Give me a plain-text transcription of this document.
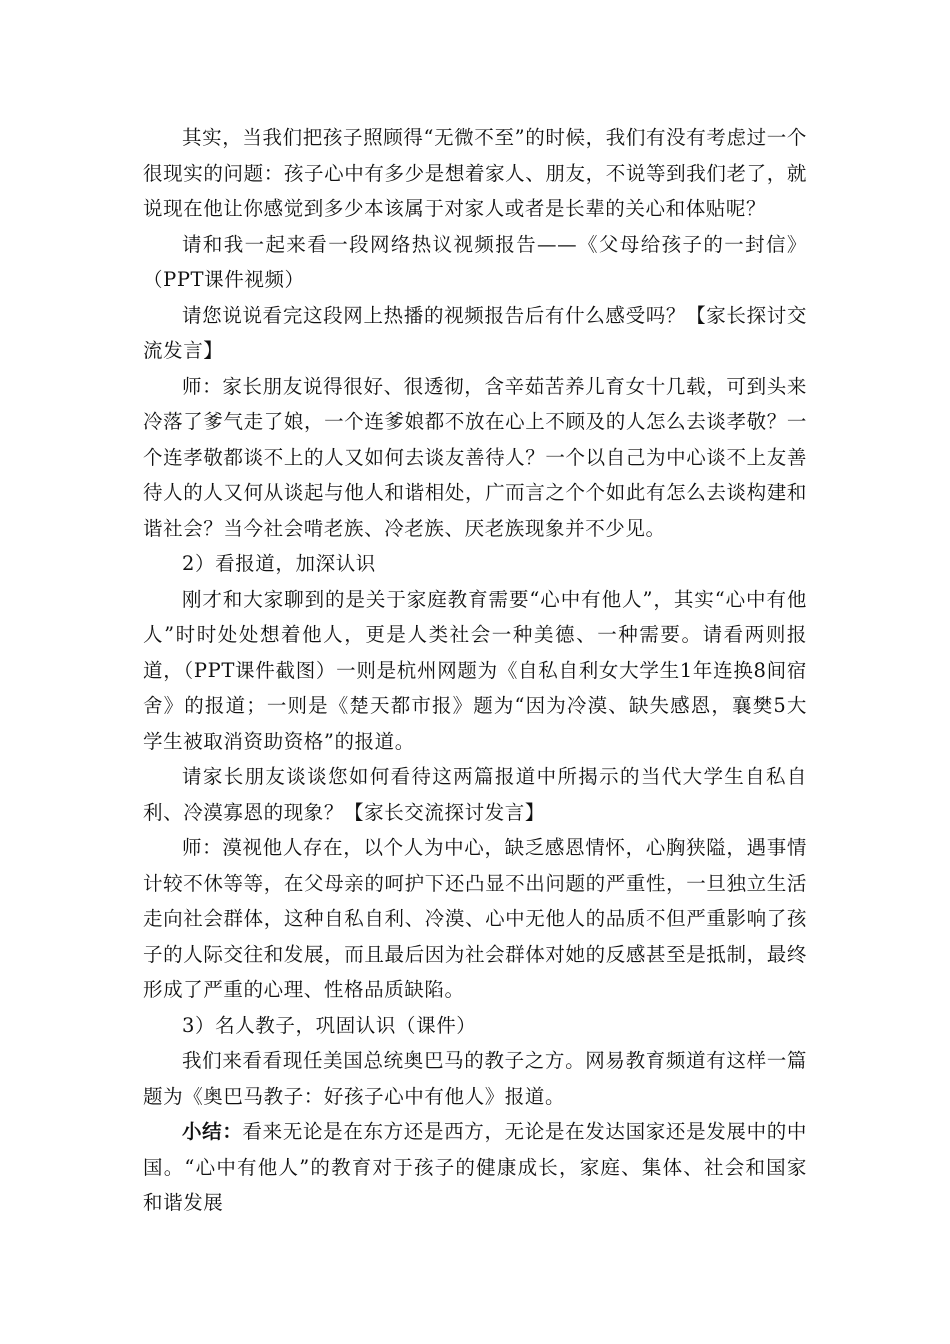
其实，当我们把孩子照顾得“无微不至”的时候，我们有没有考虑过一个很现实的问题：孩子心中有多少是想着家人、朋友，不说等到我们老了，就说现在他让你感觉到多少本该属于对家人或者是长辈的关心和体贴呢？

请和我一起来看一段网络热议视频报告——《父母给孩子的一封信》（PPT课件视频）

请您说说看完这段网上热播的视频报告后有什么感受吗？【家长探讨交流发言】

师：家长朋友说得很好、很透彻，含辛茹苦养儿育女十几载，可到头来冷落了爹气走了娘，一个连爹娘都不放在心上不顾及的人怎么去谈孝敬？一个连孝敬都谈不上的人又如何去谈友善待人？一个以自己为中心谈不上友善待人的人又何从谈起与他人和谐相处，广而言之个个如此有怎么去谈构建和谐社会？当今社会啃老族、冷老族、厌老族现象并不少见。

2）看报道，加深认识

刚才和大家聊到的是关于家庭教育需要“心中有他人”，其实“心中有他人”时时处处想着他人，更是人类社会一种美德、一种需要。请看两则报道，（PPT课件截图）一则是杭州网题为《自私自利女大学生1年连换8间宿舍》的报道；一则是《楚天都市报》题为“因为冷漠、缺失感恩，襄樊5大学生被取消资助资格”的报道。

请家长朋友谈谈您如何看待这两篇报道中所揭示的当代大学生自私自利、冷漠寡恩的现象？【家长交流探讨发言】

师：漠视他人存在，以个人为中心，缺乏感恩情怀，心胸狭隘，遇事情计较不休等等，在父母亲的呵护下还凸显不出问题的严重性，一旦独立生活走向社会群体，这种自私自利、冷漠、心中无他人的品质不但严重影响了孩子的人际交往和发展，而且最后因为社会群体对她的反感甚至是抵制，最终形成了严重的心理、性格品质缺陷。

3）名人教子，巩固认识（课件）

我们来看看现任美国总统奥巴马的教子之方。网易教育频道有这样一篇题为《奥巴马教子：好孩子心中有他人》报道。

小结：看来无论是在东方还是西方，无论是在发达国家还是发展中的中国。“心中有他人”的教育对于孩子的健康成长，家庭、集体、社会和国家和谐发展
